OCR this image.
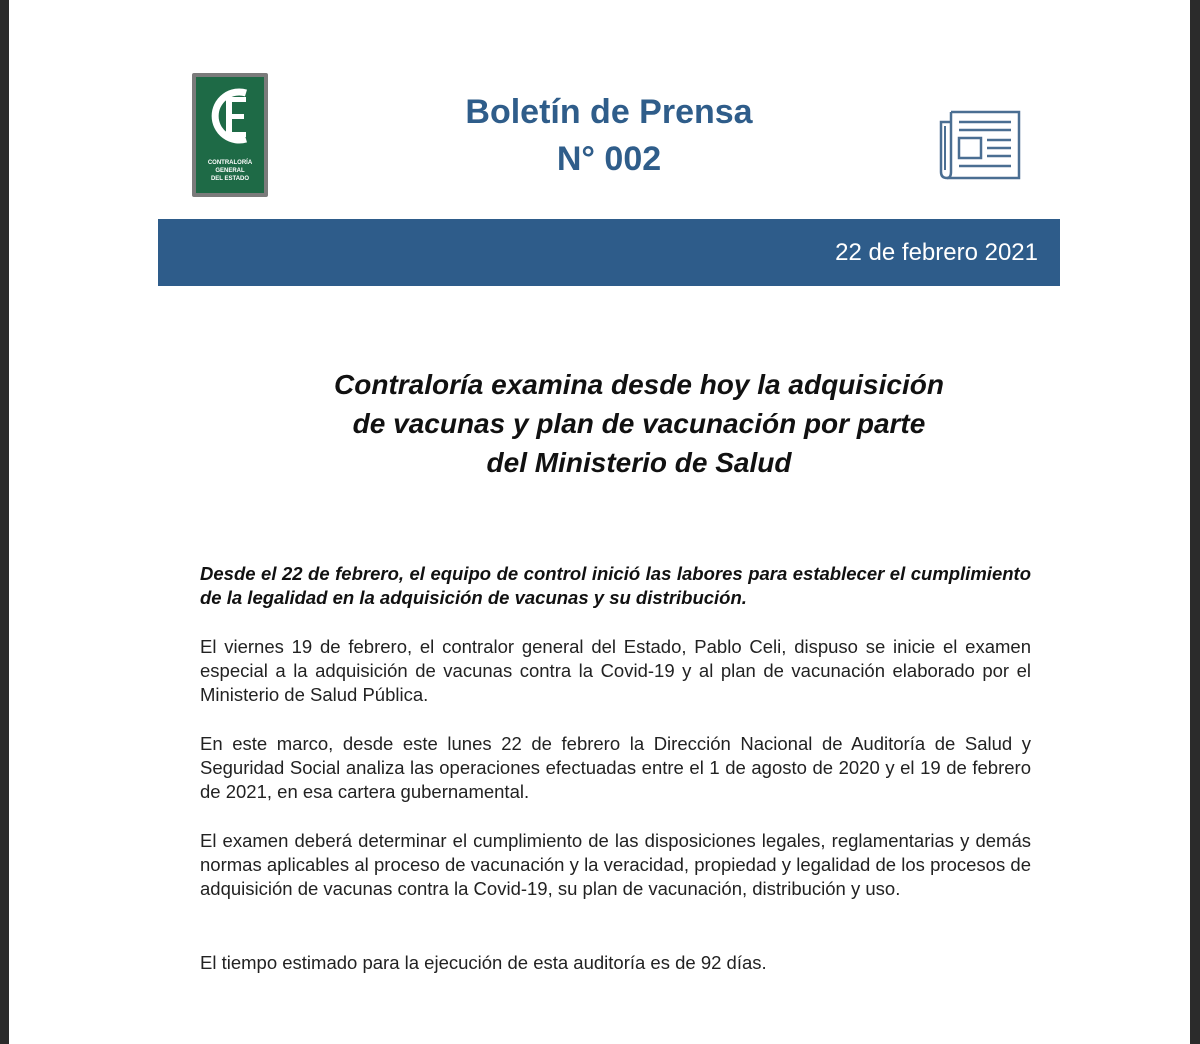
CONTRALORÍA
GENERAL
DEL ESTADO
Boletín de Prensa
N° 002
22 de febrero 2021
Contraloría examina desde hoy la adquisición
de vacunas y plan de vacunación por parte
del Ministerio de Salud

Desde el 22 de febrero, el equipo de control inició las labores para establecer el cumplimiento de la legalidad en la adquisición de vacunas y su distribución.

El viernes 19 de febrero, el contralor general del Estado, Pablo Celi, dispuso se inicie el examen especial a la adquisición de vacunas contra la Covid-19 y al plan de vacunación elaborado por el Ministerio de Salud Pública.

En este marco, desde este lunes 22 de febrero la Dirección Nacional de Auditoría de Salud y Seguridad Social analiza las operaciones efectuadas entre el 1 de agosto de 2020 y el 19 de febrero de 2021, en esa cartera gubernamental.

El examen deberá determinar el cumplimiento de las disposiciones legales, reglamentarias y demás normas aplicables al proceso de vacunación y la veracidad, propiedad y legalidad de los procesos de adquisición de vacunas contra la Covid-19, su plan de vacunación, distribución y uso.

El tiempo estimado para la ejecución de esta auditoría es de 92 días.
